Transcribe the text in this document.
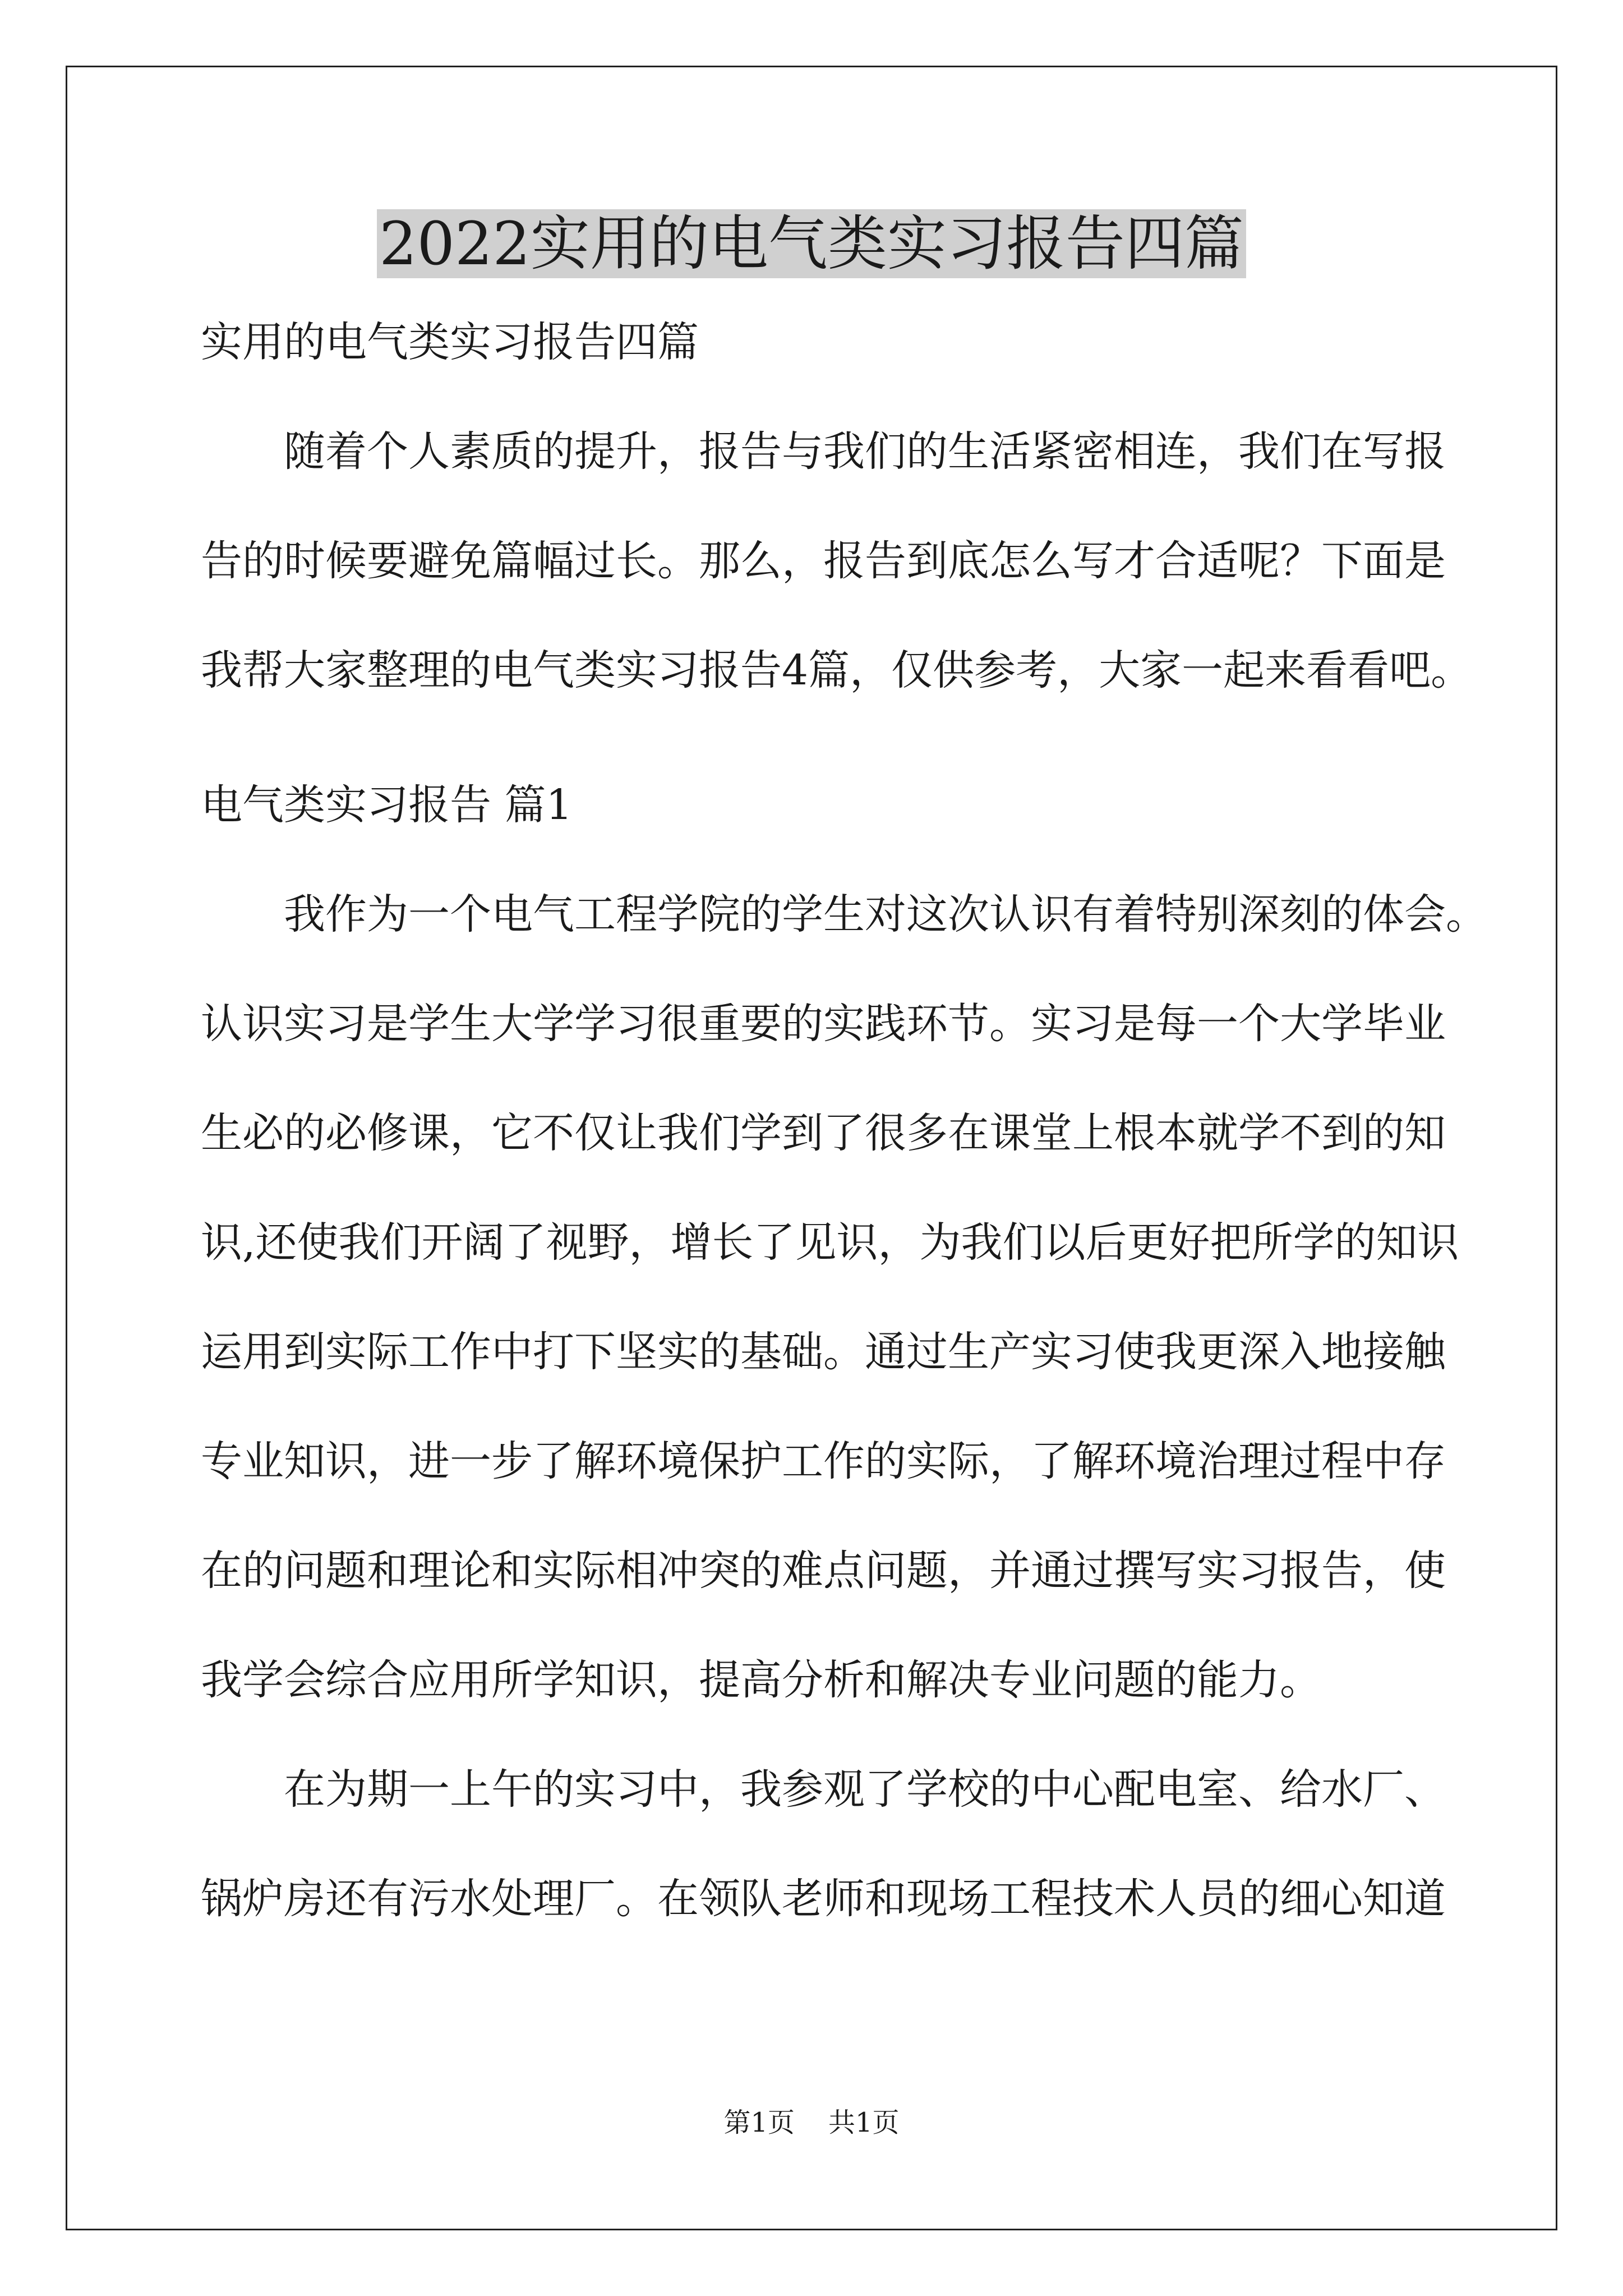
2022实用的电气类实习报告四篇

实用的电气类实习报告四篇

随着个人素质的提升，报告与我们的生活紧密相连，我们在写报

告的时候要避免篇幅过长。那么，报告到底怎么写才合适呢？下面是

我帮大家整理的电气类实习报告4篇，仅供参考，大家一起来看看吧。

电气类实习报告 篇1

我作为一个电气工程学院的学生对这次认识有着特别深刻的体会。

认识实习是学生大学学习很重要的实践环节。实习是每一个大学毕业

生必的必修课，它不仅让我们学到了很多在课堂上根本就学不到的知

识,还使我们开阔了视野，增长了见识，为我们以后更好把所学的知识

运用到实际工作中打下坚实的基础。通过生产实习使我更深入地接触

专业知识，进一步了解环境保护工作的实际，了解环境治理过程中存

在的问题和理论和实际相冲突的难点问题，并通过撰写实习报告，使

我学会综合应用所学知识，提高分析和解决专业问题的能力。

在为期一上午的实习中，我参观了学校的中心配电室、给水厂、

锅炉房还有污水处理厂。在领队老师和现场工程技术人员的细心知道

第1页 共1页
